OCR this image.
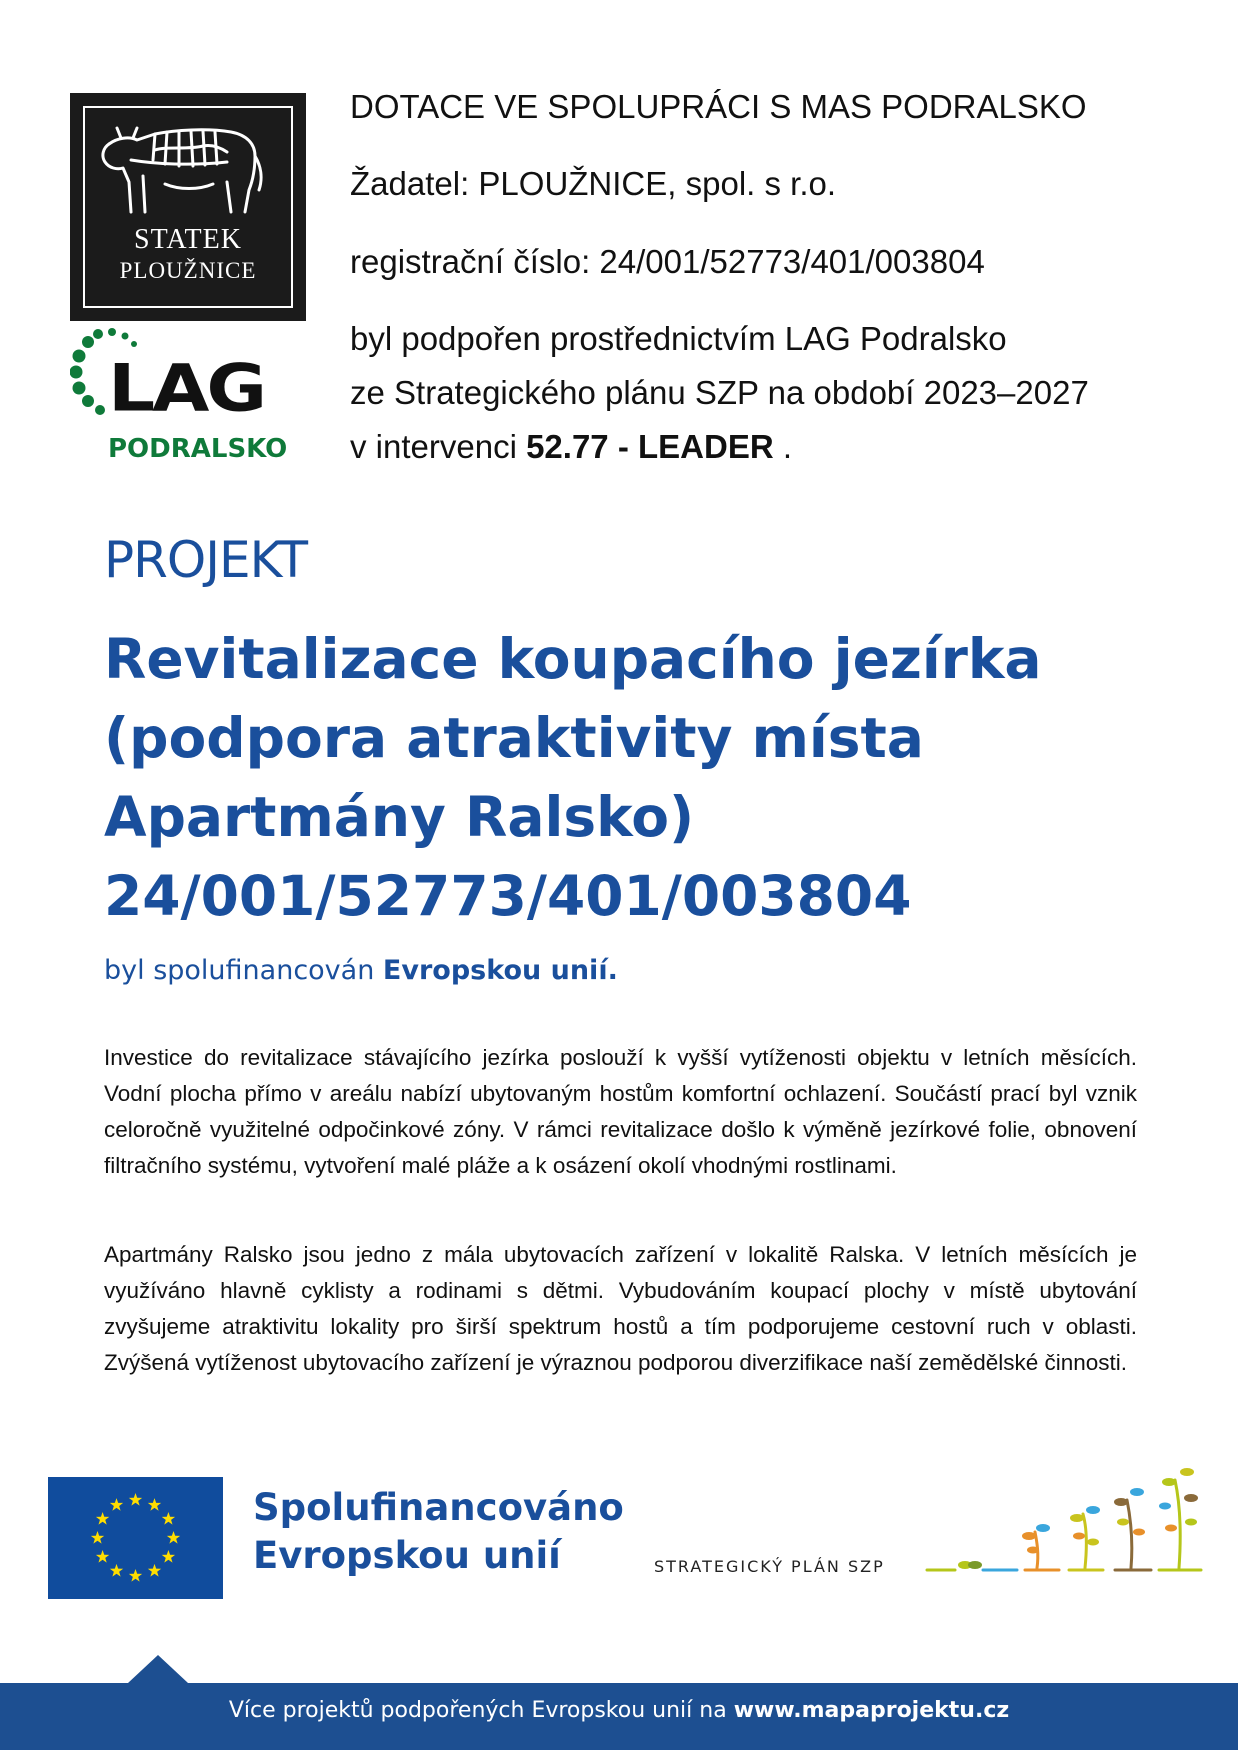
STATEK
PLOUŽNICE
LAG
PODRALSKO
DOTACE VE SPOLUPRÁCI S MAS PODRALSKO
Žadatel: PLOUŽNICE, spol. s r.o.
registrační číslo: 24/001/52773/401/003804
byl podpořen prostřednictvím LAG Podralsko
ze Strategického plánu SZP na období 2023–2027
v intervenci 52.77 - LEADER .
PROJEKT
Revitalizace koupacího jezírka
(podpora atraktivity místa
Apartmány Ralsko)
24/001/52773/401/003804
byl spolufinancován Evropskou unií.
Investice do revitalizace stávajícího jezírka poslouží k vyšší vytíženosti objektu v letních měsících. Vodní plocha přímo v areálu nabízí ubytovaným hostům komfortní ochlazení. Součástí prací byl vznik celoročně využitelné odpočinkové zóny. V rámci revitalizace došlo k výměně jezírkové folie, obnovení filtračního systému, vytvoření malé pláže a k osázení okolí vhodnými rostlinami.
Apartmány Ralsko jsou jedno z mála ubytovacích zařízení v lokalitě Ralska. V letních měsících je využíváno hlavně cyklisty a rodinami s dětmi. Vybudováním koupací plochy v místě ubytování zvyšujeme atraktivitu lokality pro širší spektrum hostů a tím podporujeme cestovní ruch v oblasti. Zvýšená vytíženost ubytovacího zařízení je výraznou podporou diverzifikace naší zemědělské činnosti.
Spolufinancováno
Evropskou unií	STRATEGICKÝ PLÁN SZP
Více projektů podpořených Evropskou unií na www.mapaprojektu.cz
